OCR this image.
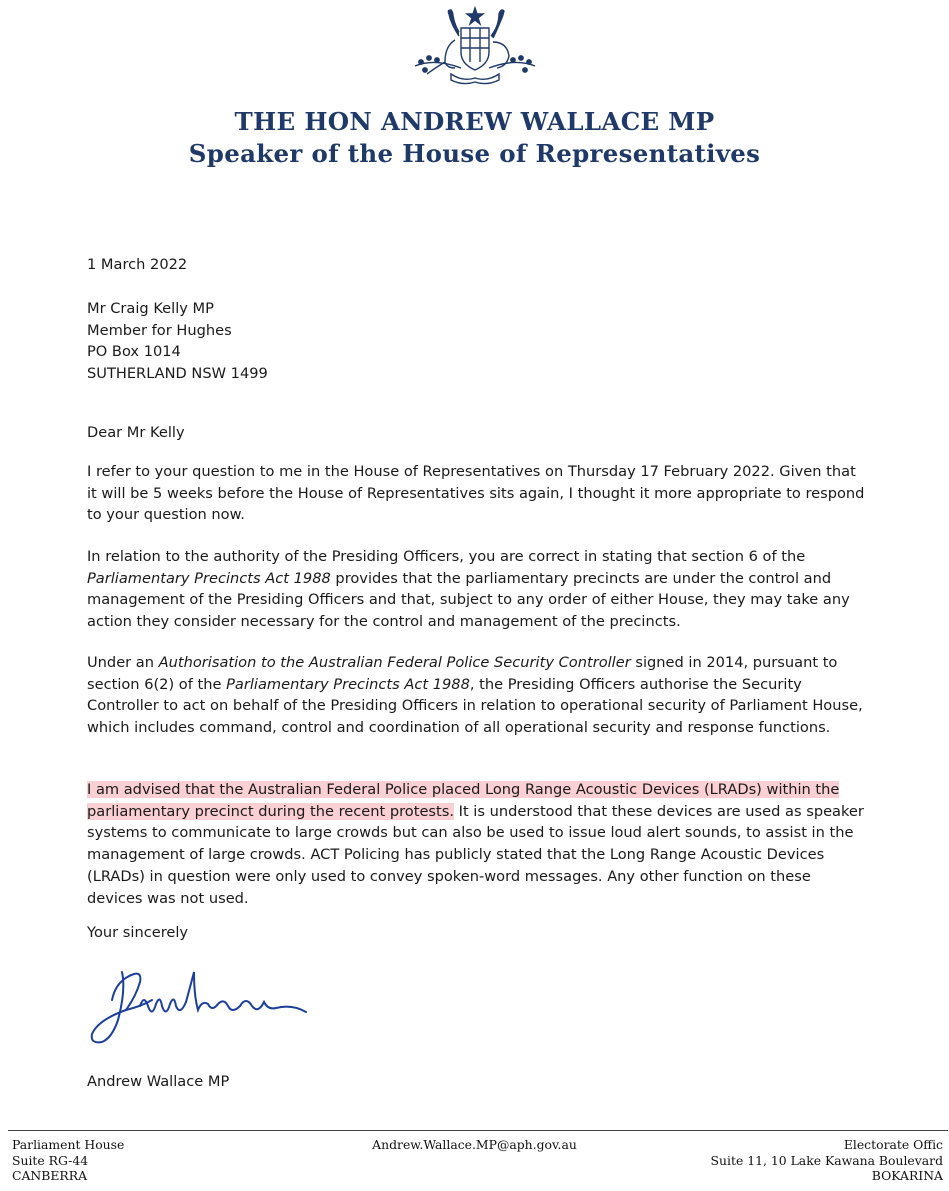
THE HON ANDREW WALLACE MP
Speaker of the House of Representatives
1 March 2022
Mr Craig Kelly MP
Member for Hughes
PO Box 1014
SUTHERLAND NSW 1499
Dear Mr Kelly

I refer to your question to me in the House of Representatives on Thursday 17 February 2022. Given that it will be 5 weeks before the House of Representatives sits again, I thought it more appropriate to respond to your question now.

In relation to the authority of the Presiding Officers, you are correct in stating that section 6 of the Parliamentary Precincts Act 1988 provides that the parliamentary precincts are under the control and management of the Presiding Officers and that, subject to any order of either House, they may take any action they consider necessary for the control and management of the precincts.

Under an Authorisation to the Australian Federal Police Security Controller signed in 2014, pursuant to section 6(2) of the Parliamentary Precincts Act 1988, the Presiding Officers authorise the Security Controller to act on behalf of the Presiding Officers in relation to operational security of Parliament House, which includes command, control and coordination of all operational security and response functions.

I am advised that the Australian Federal Police placed Long Range Acoustic Devices (LRADs) within the parliamentary precinct during the recent protests. It is understood that these devices are used as speaker systems to communicate to large crowds but can also be used to issue loud alert sounds, to assist in the management of large crowds. ACT Policing has publicly stated that the Long Range Acoustic Devices (LRADs) in question were only used to convey spoken-word messages. Any other function on these devices was not used.

Your sincerely
Andrew Wallace MP
Parliament House
Suite RG-44
CANBERRA
Andrew.Wallace.MP@aph.gov.au	Electorate Offic
Suite 11, 10 Lake Kawana Boulevard
BOKARINA
